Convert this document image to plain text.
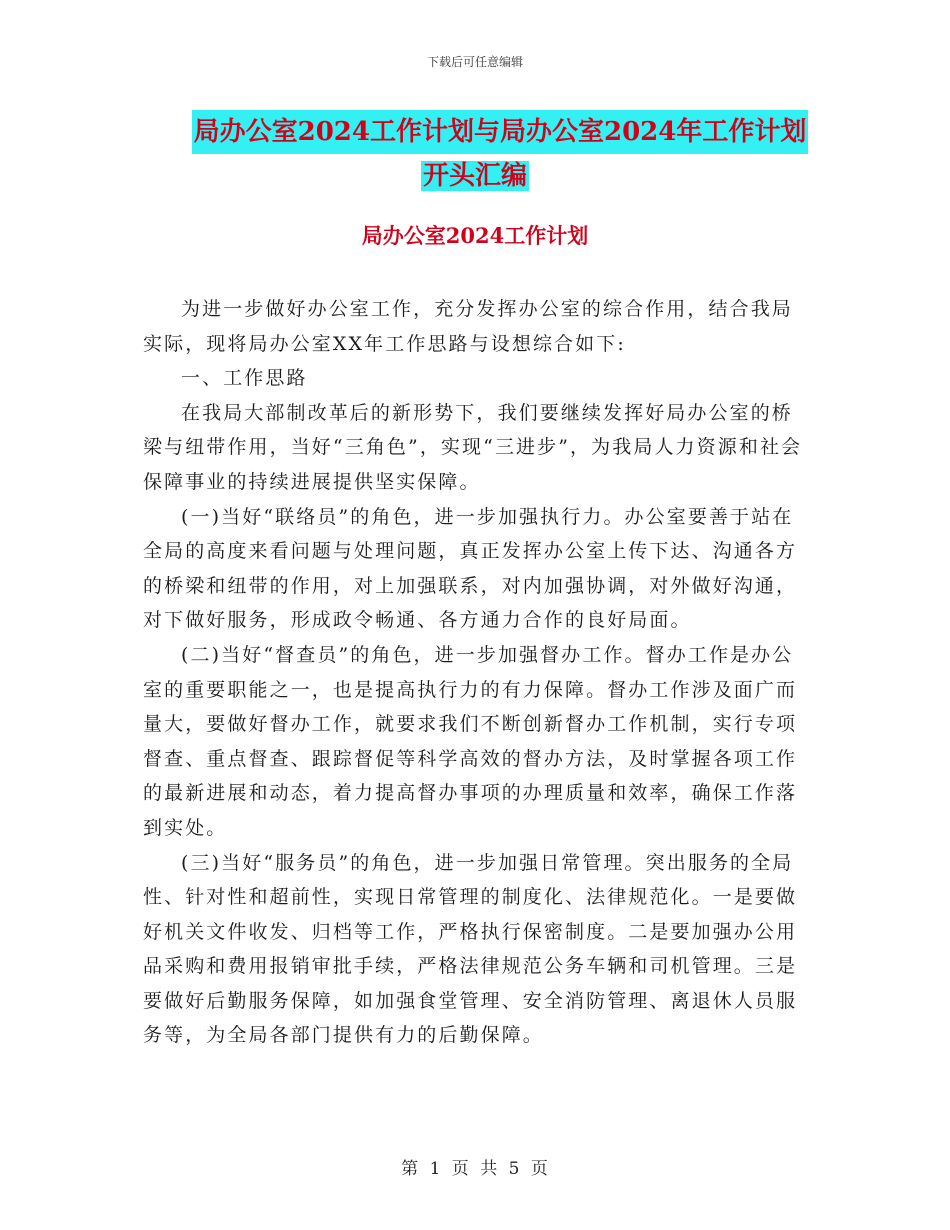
下载后可任意编辑
局办公室2024工作计划与局办公室2024年工作计划
开头汇编
局办公室2024工作计划

为进一步做好办公室工作，充分发挥办公室的综合作用，结合我局实际，现将局办公室XX年工作思路与设想综合如下:

一、工作思路

在我局大部制改革后的新形势下，我们要继续发挥好局办公室的桥梁与纽带作用，当好“三角色”，实现“三进步”，为我局人力资源和社会保障事业的持续进展提供坚实保障。

(一)当好“联络员”的角色，进一步加强执行力。办公室要善于站在全局的高度来看问题与处理问题，真正发挥办公室上传下达、沟通各方的桥梁和纽带的作用，对上加强联系，对内加强协调，对外做好沟通，对下做好服务，形成政令畅通、各方通力合作的良好局面。

(二)当好“督查员”的角色，进一步加强督办工作。督办工作是办公室的重要职能之一，也是提高执行力的有力保障。督办工作涉及面广而量大，要做好督办工作，就要求我们不断创新督办工作机制，实行专项督查、重点督查、跟踪督促等科学高效的督办方法，及时掌握各项工作的最新进展和动态，着力提高督办事项的办理质量和效率，确保工作落到实处。

(三)当好“服务员”的角色，进一步加强日常管理。突出服务的全局性、针对性和超前性，实现日常管理的制度化、法律规范化。一是要做好机关文件收发、归档等工作，严格执行保密制度。二是要加强办公用品采购和费用报销审批手续，严格法律规范公务车辆和司机管理。三是要做好后勤服务保障，如加强食堂管理、安全消防管理、离退休人员服务等，为全局各部门提供有力的后勤保障。

第 1 页 共 5 页
